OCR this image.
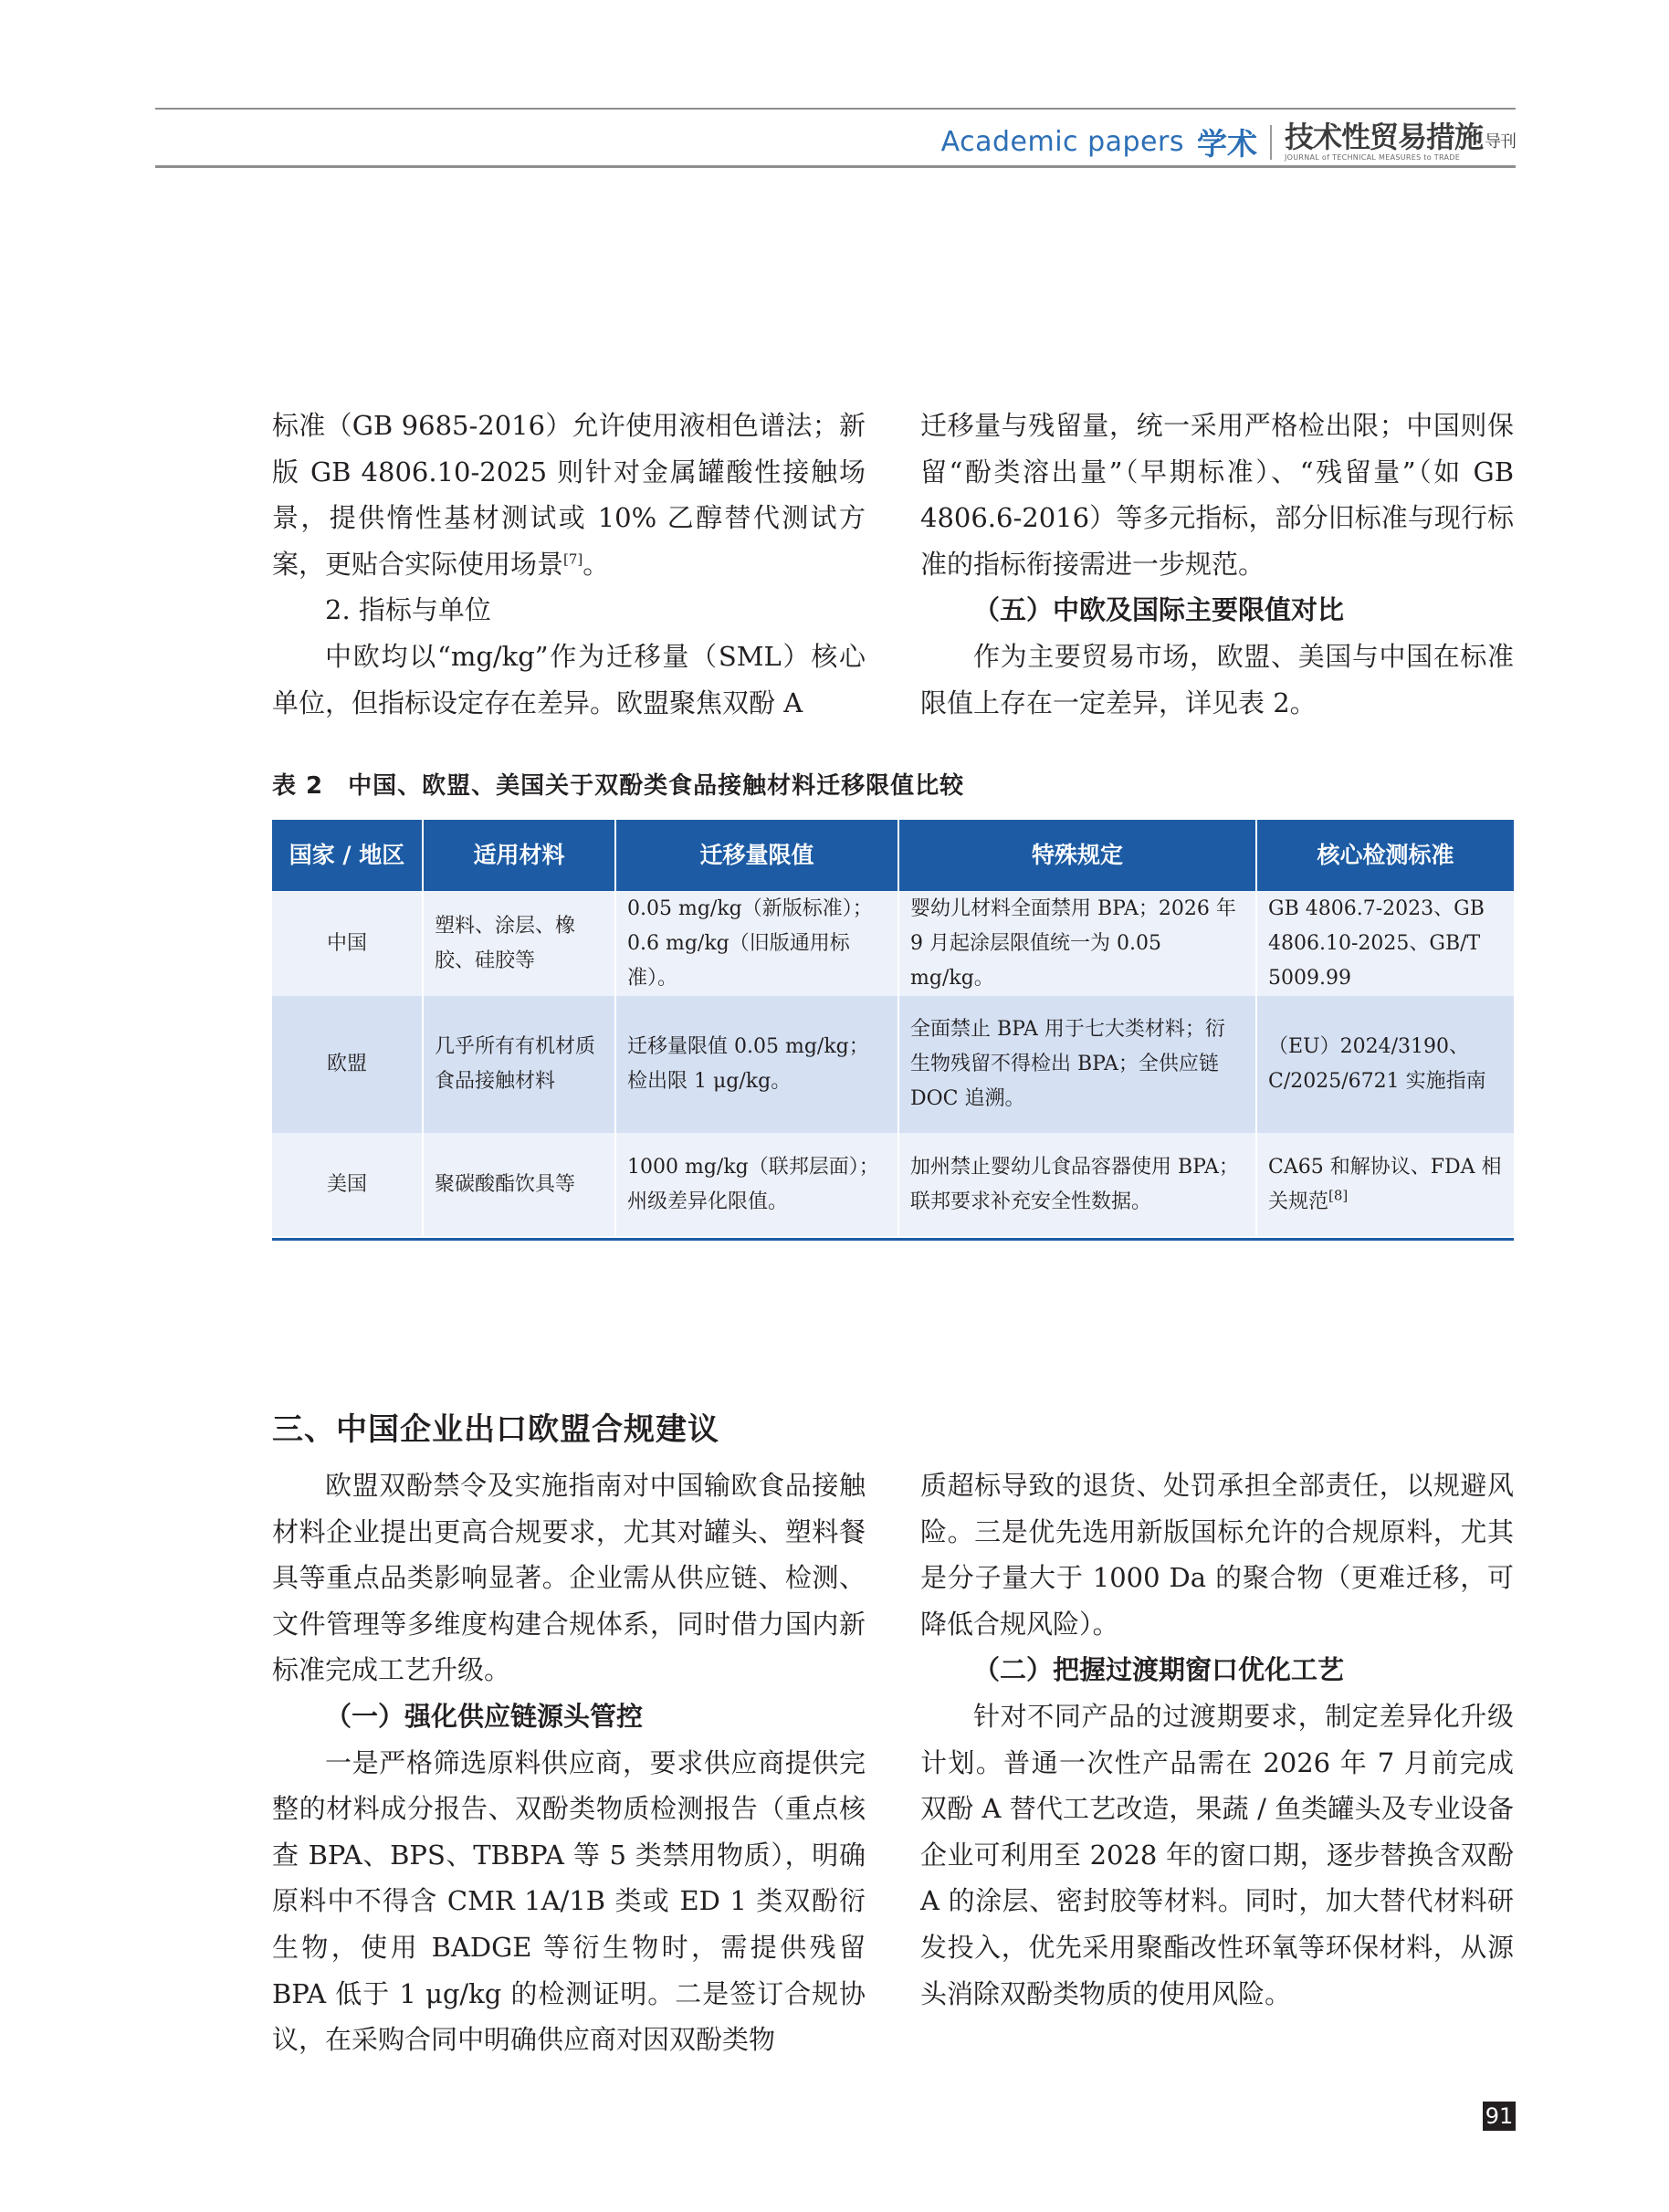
Academic papers 学术 技术性贸易措施 导刊
JOURNAL of TECHNICAL MEASURES to TRADE

标准（GB 9685-2016）允许使用液相色谱法；新版 GB 4806.10-2025 则针对金属罐酸性接触场景，提供惰性基材测试或 10% 乙醇替代测试方案，更贴合实际使用场景[7]。

2. 指标与单位

中欧均以“mg/kg”作为迁移量（SML）核心单位，但指标设定存在差异。欧盟聚焦双酚 A

迁移量与残留量，统一采用严格检出限；中国则保留“酚类溶出量”（早期标准）、“残留量”（如 GB 4806.6-2016）等多元指标，部分旧标准与现行标准的指标衔接需进一步规范。

（五）中欧及国际主要限值对比

作为主要贸易市场，欧盟、美国与中国在标准限值上存在一定差异，详见表 2。

表 2　中国、欧盟、美国关于双酚类食品接触材料迁移限值比较
国家 / 地区	适用材料	迁移量限值	特殊规定	核心检测标准
中国	塑料、涂层、橡胶、硅胶等	0.05 mg/kg（新版标准）；0.6 mg/kg（旧版通用标准）。	婴幼儿材料全面禁用 BPA；2026 年 9 月起涂层限值统一为 0.05 mg/kg。	GB 4806.7-2023、GB 4806.10-2025、GB/T 5009.99
欧盟	几乎所有有机材质食品接触材料	迁移量限值 0.05 mg/kg；检出限 1 μg/kg。	全面禁止 BPA 用于七大类材料；衍生物残留不得检出 BPA；全供应链 DOC 追溯。	（EU）2024/3190、C/2025/6721 实施指南
美国	聚碳酸酯饮具等	1000 mg/kg（联邦层面）；州级差异化限值。	加州禁止婴幼儿食品容器使用 BPA；联邦要求补充安全性数据。	CA65 和解协议、FDA 相关规范[8]
三、中国企业出口欧盟合规建议

欧盟双酚禁令及实施指南对中国输欧食品接触材料企业提出更高合规要求，尤其对罐头、塑料餐具等重点品类影响显著。企业需从供应链、检测、文件管理等多维度构建合规体系，同时借力国内新标准完成工艺升级。

（一）强化供应链源头管控

一是严格筛选原料供应商，要求供应商提供完整的材料成分报告、双酚类物质检测报告（重点核查 BPA、BPS、TBBPA 等 5 类禁用物质），明确原料中不得含 CMR 1A/1B 类或 ED 1 类双酚衍生物，使用 BADGE 等衍生物时，需提供残留 BPA 低于 1 μg/kg 的检测证明。二是签订合规协议，在采购合同中明确供应商对因双酚类物

质超标导致的退货、处罚承担全部责任，以规避风险。三是优先选用新版国标允许的合规原料，尤其是分子量大于 1000 Da 的聚合物（更难迁移，可降低合规风险）。

（二）把握过渡期窗口优化工艺

针对不同产品的过渡期要求，制定差异化升级计划。普通一次性产品需在 2026 年 7 月前完成双酚 A 替代工艺改造，果蔬 / 鱼类罐头及专业设备企业可利用至 2028 年的窗口期，逐步替换含双酚 A 的涂层、密封胶等材料。同时，加大替代材料研发投入，优先采用聚酯改性环氧等环保材料，从源头消除双酚类物质的使用风险。

91
